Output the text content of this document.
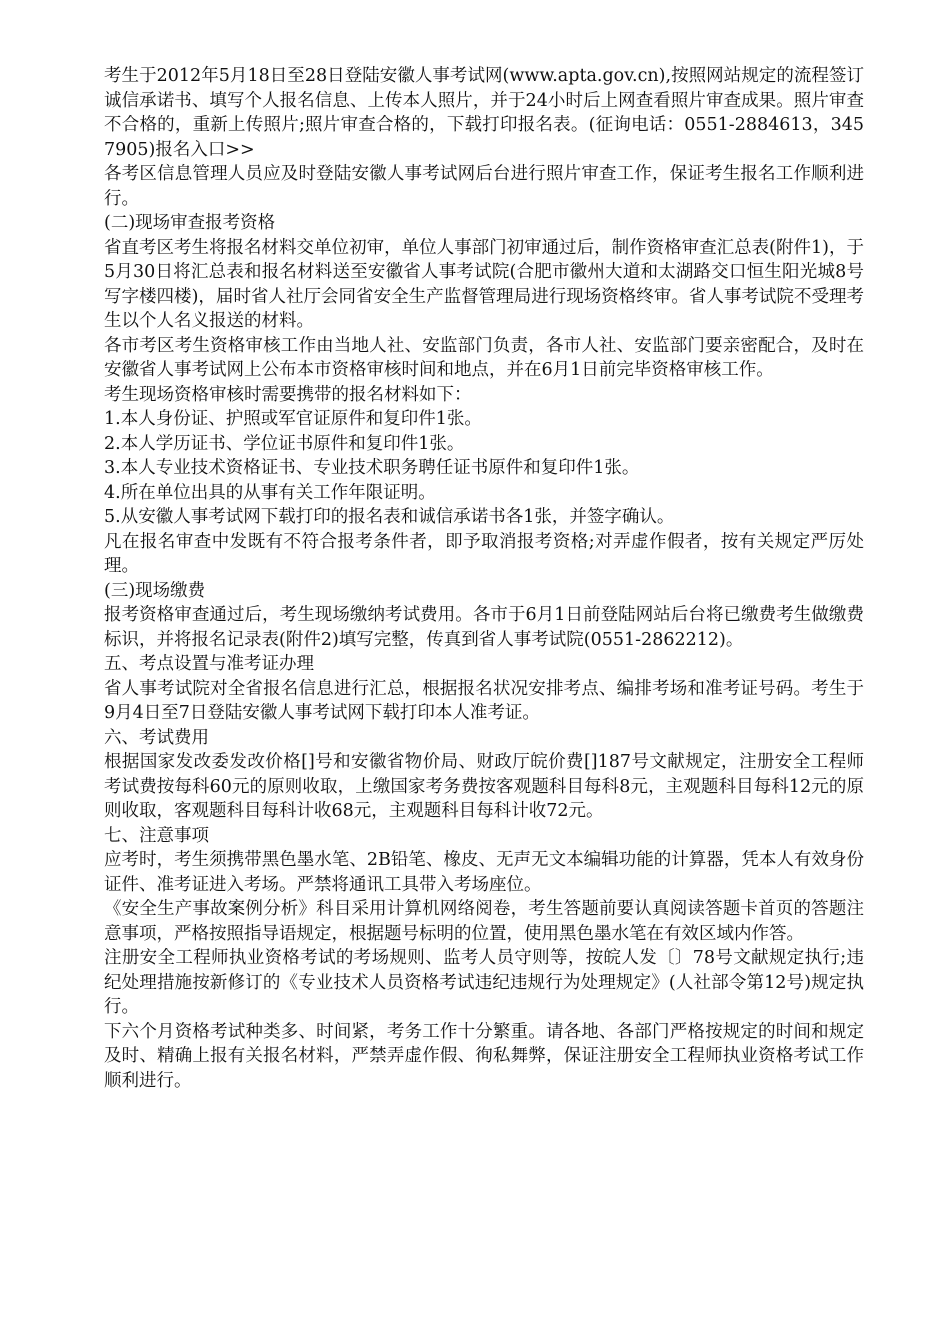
考生于2012年5月18日至28日登陆安徽人事考试网(www.apta.gov.cn),按照网站规定的流程签订诚信承诺书、填写个人报名信息、上传本人照片，并于24小时后上网查看照片审查成果。照片审查不合格的，重新上传照片;照片审查合格的，下载打印报名表。(征询电话：0551-2884613，3457905)报名入口>>

各考区信息管理人员应及时登陆安徽人事考试网后台进行照片审查工作，保证考生报名工作顺利进行。

(二)现场审查报考资格

省直考区考生将报名材料交单位初审，单位人事部门初审通过后，制作资格审查汇总表(附件1)，于5月30日将汇总表和报名材料送至安徽省人事考试院(合肥市徽州大道和太湖路交口恒生阳光城8号写字楼四楼)，届时省人社厅会同省安全生产监督管理局进行现场资格终审。省人事考试院不受理考生以个人名义报送的材料。

各市考区考生资格审核工作由当地人社、安监部门负责，各市人社、安监部门要亲密配合，及时在安徽省人事考试网上公布本市资格审核时间和地点，并在6月1日前完毕资格审核工作。

考生现场资格审核时需要携带的报名材料如下：

1.本人身份证、护照或军官证原件和复印件1张。

2.本人学历证书、学位证书原件和复印件1张。

3.本人专业技术资格证书、专业技术职务聘任证书原件和复印件1张。

4.所在单位出具的从事有关工作年限证明。

5.从安徽人事考试网下载打印的报名表和诚信承诺书各1张，并签字确认。

凡在报名审查中发既有不符合报考条件者，即予取消报考资格;对弄虚作假者，按有关规定严厉处理。

(三)现场缴费

报考资格审查通过后，考生现场缴纳考试费用。各市于6月1日前登陆网站后台将已缴费考生做缴费标识，并将报名记录表(附件2)填写完整，传真到省人事考试院(0551-2862212)。

五、考点设置与准考证办理

省人事考试院对全省报名信息进行汇总，根据报名状况安排考点、编排考场和准考证号码。考生于9月4日至7日登陆安徽人事考试网下载打印本人准考证。

六、考试费用

根据国家发改委发改价格[]号和安徽省物价局、财政厅皖价费[]187号文献规定，注册安全工程师考试费按每科60元的原则收取，上缴国家考务费按客观题科目每科8元，主观题科目每科12元的原则收取，客观题科目每科计收68元，主观题科目每科计收72元。

七、注意事项

应考时，考生须携带黑色墨水笔、2B铅笔、橡皮、无声无文本编辑功能的计算器，凭本人有效身份证件、准考证进入考场。严禁将通讯工具带入考场座位。

《安全生产事故案例分析》科目采用计算机网络阅卷，考生答题前要认真阅读答题卡首页的答题注意事项，严格按照指导语规定，根据题号标明的位置，使用黑色墨水笔在有效区域内作答。

注册安全工程师执业资格考试的考场规则、监考人员守则等，按皖人发〔〕78号文献规定执行;违纪处理措施按新修订的《专业技术人员资格考试违纪违规行为处理规定》(人社部令第12号)规定执行。

下六个月资格考试种类多、时间紧，考务工作十分繁重。请各地、各部门严格按规定的时间和规定及时、精确上报有关报名材料，严禁弄虚作假、徇私舞弊，保证注册安全工程师执业资格考试工作顺利进行。
